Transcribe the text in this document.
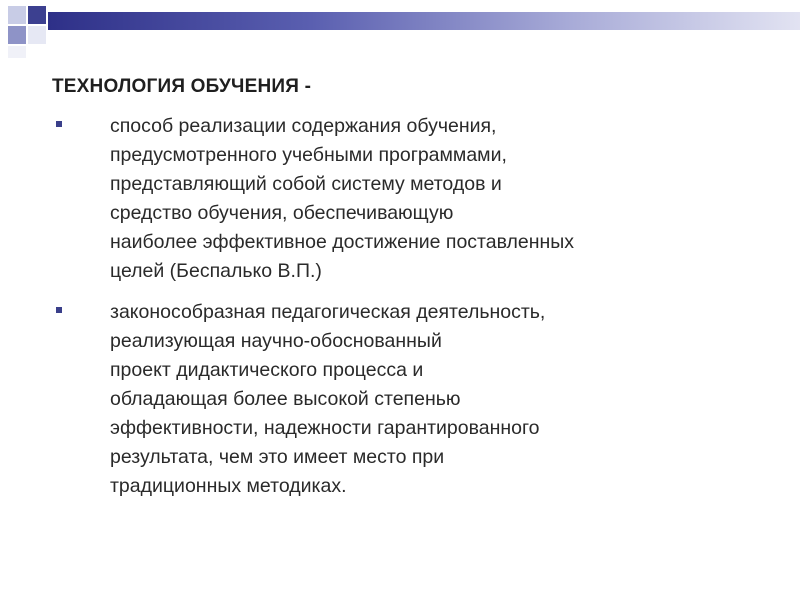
ТЕХНОЛОГИЯ ОБУЧЕНИЯ -
способ реализации содержания обучения,
предусмотренного учебными программами,
представляющий собой систему методов и
средство обучения, обеспечивающую
наиболее эффективное достижение поставленных
целей (Беспалько В.П.)
законособразная педагогическая деятельность,
реализующая научно-обоснованный
проект дидактического процесса и
обладающая более высокой степенью
эффективности, надежности гарантированного
результата, чем это имеет место при
традиционных методиках.
